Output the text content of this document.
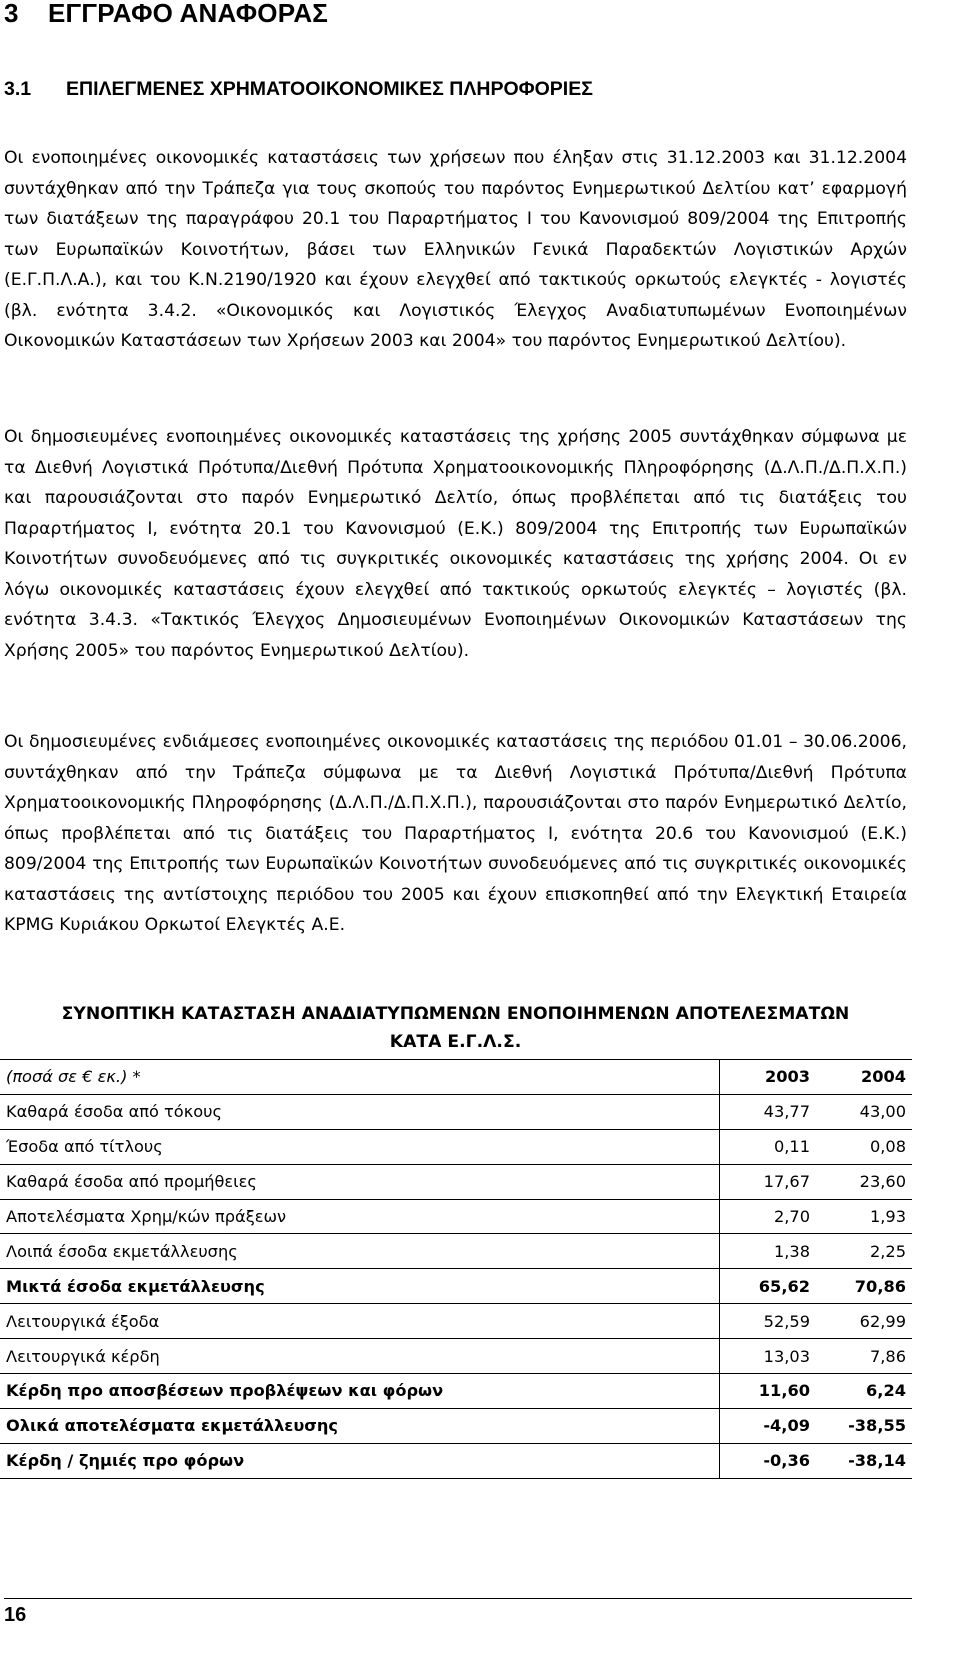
3 ΕΓΓΡΑΦΟ ΑΝΑΦΟΡΑΣ
3.1 ΕΠΙΛΕΓΜΕΝΕΣ ΧΡΗΜΑΤΟΟΙΚΟΝΟΜΙΚΕΣ ΠΛΗΡΟΦΟΡΙΕΣ

Οι ενοποιημένες οικονομικές καταστάσεις των χρήσεων που έληξαν στις 31.12.2003 και 31.12.2004 συντάχθηκαν από την Τράπεζα για τους σκοπούς του παρόντος Ενημερωτικού Δελτίου κατ’ εφαρμογή των διατάξεων της παραγράφου 20.1 του Παραρτήματος Ι του Κανονισμού 809/2004 της Επιτροπής των Ευρωπαϊκών Κοινοτήτων, βάσει των Ελληνικών Γενικά Παραδεκτών Λογιστικών Αρχών (Ε.Γ.Π.Λ.Α.), και του Κ.Ν.2190/1920 και έχουν ελεγχθεί από τακτικούς ορκωτούς ελεγκτές - λογιστές (βλ. ενότητα 3.4.2. «Οικονομικός και Λογιστικός Έλεγχος Αναδιατυπωμένων Ενοποιημένων Οικονομικών Καταστάσεων των Χρήσεων 2003 και 2004» του παρόντος Ενημερωτικού Δελτίου).

Οι δημοσιευμένες ενοποιημένες οικονομικές καταστάσεις της χρήσης 2005 συντάχθηκαν σύμφωνα με τα Διεθνή Λογιστικά Πρότυπα/Διεθνή Πρότυπα Χρηματοοικονομικής Πληροφόρησης (Δ.Λ.Π./Δ.Π.Χ.Π.) και παρουσιάζονται στο παρόν Ενημερωτικό Δελτίο, όπως προβλέπεται από τις διατάξεις του Παραρτήματος Ι, ενότητα 20.1 του Κανονισμού (Ε.Κ.) 809/2004 της Επιτροπής των Ευρωπαϊκών Κοινοτήτων συνοδευόμενες από τις συγκριτικές οικονομικές καταστάσεις της χρήσης 2004. Οι εν λόγω οικονομικές καταστάσεις έχουν ελεγχθεί από τακτικούς ορκωτούς ελεγκτές – λογιστές (βλ. ενότητα 3.4.3. «Τακτικός Έλεγχος Δημοσιευμένων Ενοποιημένων Οικονομικών Καταστάσεων της Χρήσης 2005» του παρόντος Ενημερωτικού Δελτίου).

Οι δημοσιευμένες ενδιάμεσες ενοποιημένες οικονομικές καταστάσεις της περιόδου 01.01 – 30.06.2006, συντάχθηκαν από την Τράπεζα σύμφωνα με τα Διεθνή Λογιστικά Πρότυπα/Διεθνή Πρότυπα Χρηματοοικονομικής Πληροφόρησης (Δ.Λ.Π./Δ.Π.Χ.Π.), παρουσιάζονται στο παρόν Ενημερωτικό Δελτίο, όπως προβλέπεται από τις διατάξεις του Παραρτήματος Ι, ενότητα 20.6 του Κανονισμού (Ε.Κ.) 809/2004 της Επιτροπής των Ευρωπαϊκών Κοινοτήτων συνοδευόμενες από τις συγκριτικές οικονομικές καταστάσεις της αντίστοιχης περιόδου του 2005 και έχουν επισκοπηθεί από την Ελεγκτική Εταιρεία KPMG Κυριάκου Ορκωτοί Ελεγκτές Α.Ε.

ΣΥΝΟΠΤΙΚΗ ΚΑΤΑΣΤΑΣΗ ΑΝΑΔΙΑΤΥΠΩΜΕΝΩΝ ΕΝΟΠΟΙΗΜΕΝΩΝ ΑΠΟΤΕΛΕΣΜΑΤΩΝ
ΚΑΤΑ Ε.Γ.Λ.Σ.
(ποσά σε € εκ.) *	2003	2004
Καθαρά έσοδα από τόκους	43,77	43,00
Έσοδα από τίτλους	0,11	0,08
Καθαρά έσοδα από προμήθειες	17,67	23,60
Αποτελέσματα Χρημ/κών πράξεων	2,70	1,93
Λοιπά έσοδα εκμετάλλευσης	1,38	2,25
Μικτά έσοδα εκμετάλλευσης	65,62	70,86
Λειτουργικά έξοδα	52,59	62,99
Λειτουργικά κέρδη	13,03	7,86
Κέρδη προ αποσβέσεων προβλέψεων και φόρων	11,60	6,24
Ολικά αποτελέσματα εκμετάλλευσης	-4,09	-38,55
Κέρδη / ζημιές προ φόρων	-0,36	-38,14
16
